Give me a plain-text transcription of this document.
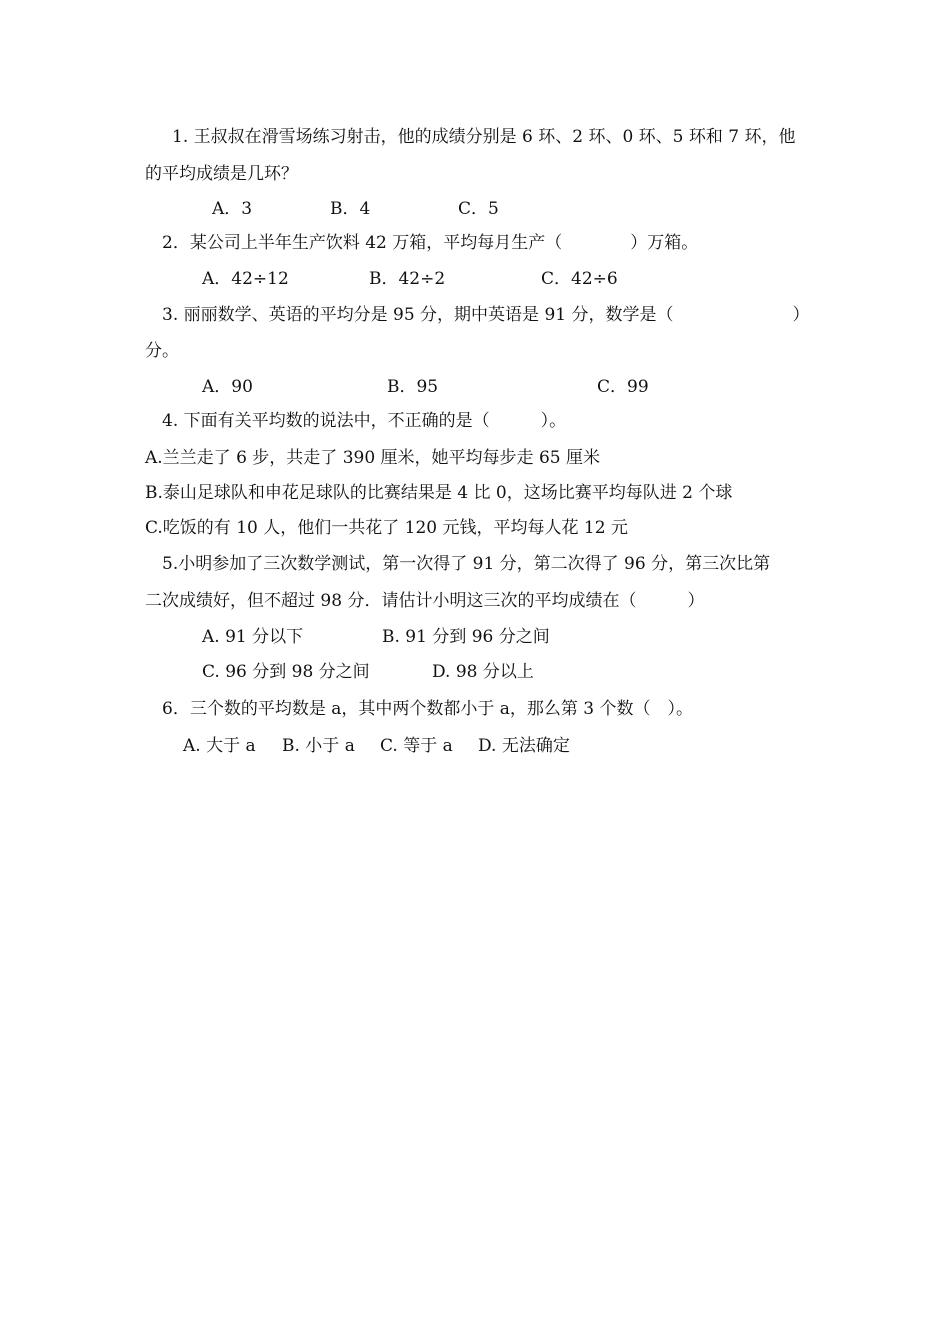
1. 王叔叔在滑雪场练习射击，他的成绩分别是 6 环、2 环、0 环、5 环和 7 环，他
的平均成绩是几环？
A．3	B．4	C．5
2．某公司上半年生产饮料 42 万箱，平均每月生产（　　　　）万箱。
A．42÷12	B．42÷2	C．42÷6
3. 丽丽数学、英语的平均分是 95 分，期中英语是 91 分，数学是（　　　　　　　）
分。
A．90	B．95	C．99
4. 下面有关平均数的说法中，不正确的是（　　　）。
A.兰兰走了 6 步，共走了 390 厘米，她平均每步走 65 厘米
B.泰山足球队和申花足球队的比赛结果是 4 比 0，这场比赛平均每队进 2 个球
C.吃饭的有 10 人，他们一共花了 120 元钱，平均每人花 12 元
5.小明参加了三次数学测试，第一次得了 91 分，第二次得了 96 分，第三次比第
二次成绩好，但不超过 98 分．请估计小明这三次的平均成绩在（　　　）
A. 91 分以下	B. 91 分到 96 分之间
C. 96 分到 98 分之间	D. 98 分以上
6．三个数的平均数是 a，其中两个数都小于 a，那么第 3 个数（　）。
A. 大于 a B. 小于 a C. 等于 a D. 无法确定
